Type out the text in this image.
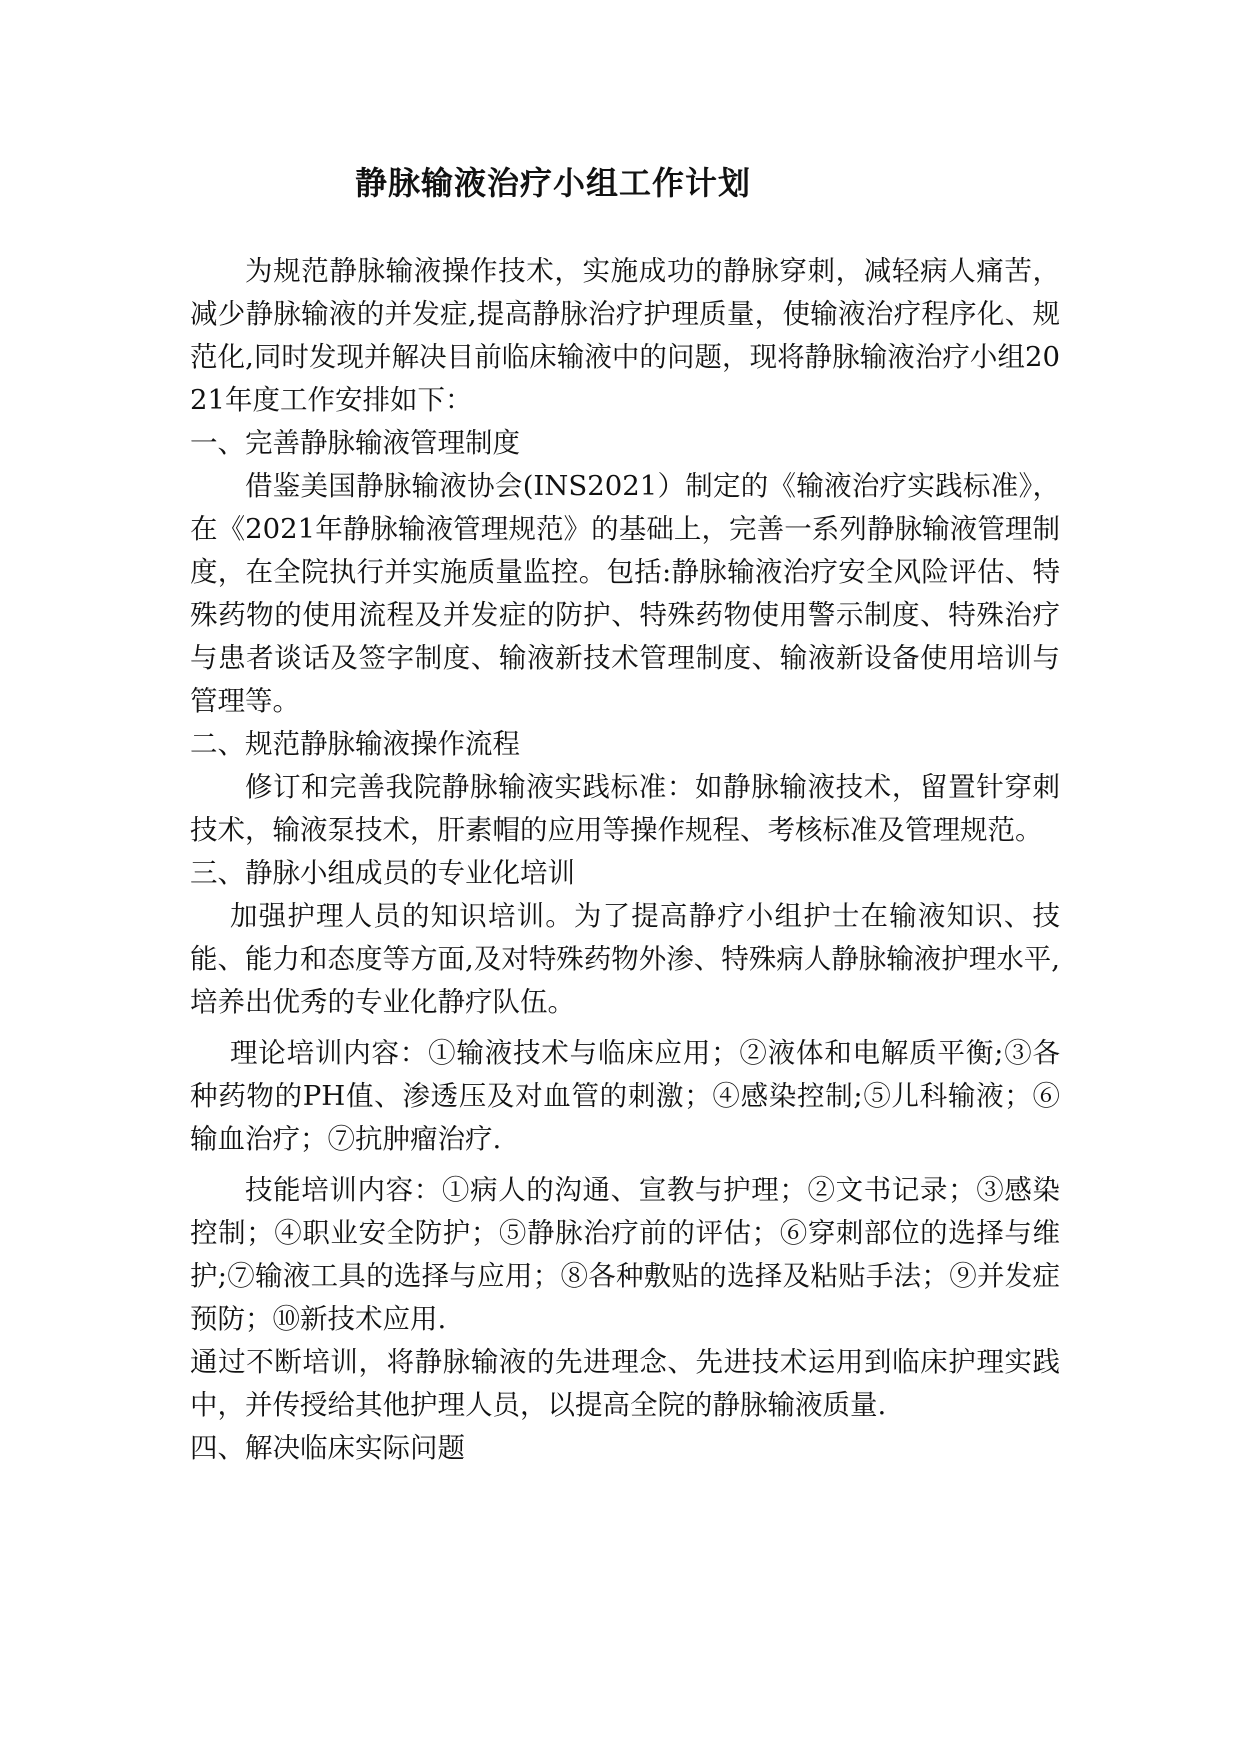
静脉输液治疗小组工作计划

为规范静脉输液操作技术，实施成功的静脉穿刺，减轻病人痛苦，减少静脉输液的并发症,提高静脉治疗护理质量，使输液治疗程序化、规范化,同时发现并解决目前临床输液中的问题，现将静脉输液治疗小组2021年度工作安排如下：

一、完善静脉输液管理制度

借鉴美国静脉输液协会(INS2021）制定的《输液治疗实践标准》，在《2021年静脉输液管理规范》的基础上，完善一系列静脉输液管理制度，在全院执行并实施质量监控。包括:静脉输液治疗安全风险评估、特殊药物的使用流程及并发症的防护、特殊药物使用警示制度、特殊治疗与患者谈话及签字制度、输液新技术管理制度、输液新设备使用培训与管理等。

二、规范静脉输液操作流程

修订和完善我院静脉输液实践标准：如静脉输液技术，留置针穿刺技术，输液泵技术，肝素帽的应用等操作规程、考核标准及管理规范。

三、静脉小组成员的专业化培训

加强护理人员的知识培训。为了提高静疗小组护士在输液知识、技能、能力和态度等方面,及对特殊药物外渗、特殊病人静脉输液护理水平,培养出优秀的专业化静疗队伍。

理论培训内容：①输液技术与临床应用；②液体和电解质平衡;③各种药物的PH值、渗透压及对血管的刺激；④感染控制;⑤儿科输液；⑥输血治疗；⑦抗肿瘤治疗.

技能培训内容：①病人的沟通、宣教与护理；②文书记录；③感染控制；④职业安全防护；⑤静脉治疗前的评估；⑥穿刺部位的选择与维护;⑦输液工具的选择与应用；⑧各种敷贴的选择及粘贴手法；⑨并发症预防；⑩新技术应用.

通过不断培训，将静脉输液的先进理念、先进技术运用到临床护理实践中，并传授给其他护理人员，以提高全院的静脉输液质量.

四、解决临床实际问题
